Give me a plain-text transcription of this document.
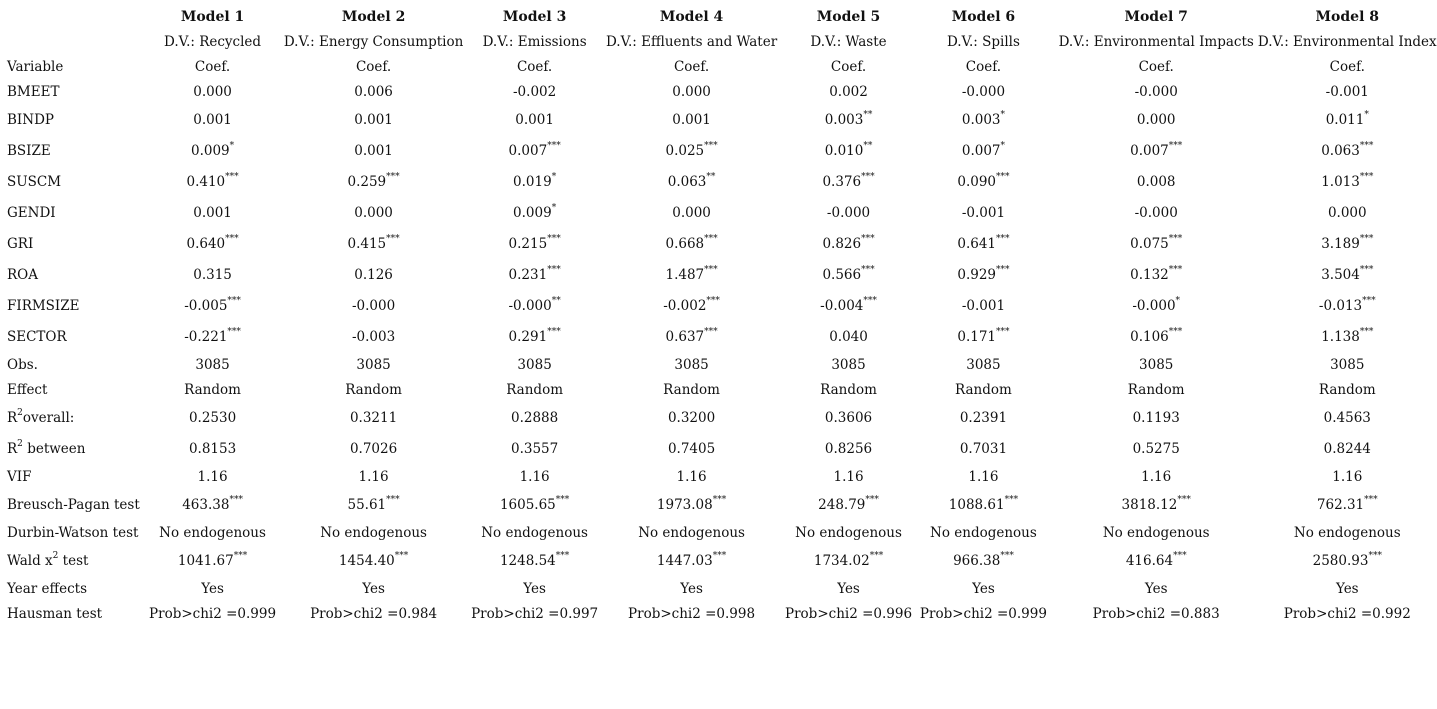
	Model 1	Model 2	Model 3	Model 4	Model 5	Model 6	Model 7	Model 8
	D.V.: Recycled	D.V.: Energy Consumption	D.V.: Emissions	D.V.: Effluents and Water	D.V.: Waste	D.V.: Spills	D.V.: Environmental Impacts	D.V.: Environmental Index
Variable	Coef.	Coef.	Coef.	Coef.	Coef.	Coef.	Coef.	Coef.
BMEET	0.000	0.006	-0.002	0.000	0.002	-0.000	-0.000	-0.001
BINDP	0.001	0.001	0.001	0.001	0.003**	0.003*	0.000	0.011*
BSIZE	0.009*	0.001	0.007***	0.025***	0.010**	0.007*	0.007***	0.063***
SUSCM	0.410***	0.259***	0.019*	0.063**	0.376***	0.090***	0.008	1.013***
GENDI	0.001	0.000	0.009*	0.000	-0.000	-0.001	-0.000	0.000
GRI	0.640***	0.415***	0.215***	0.668***	0.826***	0.641***	0.075***	3.189***
ROA	0.315	0.126	0.231***	1.487***	0.566***	0.929***	0.132***	3.504***
FIRMSIZE	-0.005***	-0.000	-0.000**	-0.002***	-0.004***	-0.001	-0.000*	-0.013***
SECTOR	-0.221***	-0.003	0.291***	0.637***	0.040	0.171***	0.106***	1.138***
Obs.	3085	3085	3085	3085	3085	3085	3085	3085
Effect	Random	Random	Random	Random	Random	Random	Random	Random
$R^2overall$:	0.2530	0.3211	0.2888	0.3200	0.3606	0.2391	0.1193	0.4563
$R^2$ between	0.8153	0.7026	0.3557	0.7405	0.8256	0.7031	0.5275	0.8244
VIF	1.16	1.16	1.16	1.16	1.16	1.16	1.16	1.16
Breusch-Pagan test	463.38***	55.61***	1605.65***	1973.08***	248.79***	1088.61***	3818.12***	762.31***
Durbin-Watson test	No endogenous	No endogenous	No endogenous	No endogenous	No endogenous	No endogenous	No endogenous	No endogenous
Wald $x^2$ test	1041.67***	1454.40***	1248.54***	1447.03***	1734.02***	966.38***	416.64***	2580.93***
Year effects	Yes	Yes	Yes	Yes	Yes	Yes	Yes	Yes
Hausman test	Prob>chi2 =0.999	Prob>chi2 =0.984	Prob>chi2 =0.997	Prob>chi2 =0.998	Prob>chi2 =0.996	Prob>chi2 =0.999	Prob>chi2 =0.883	Prob>chi2 =0.992
